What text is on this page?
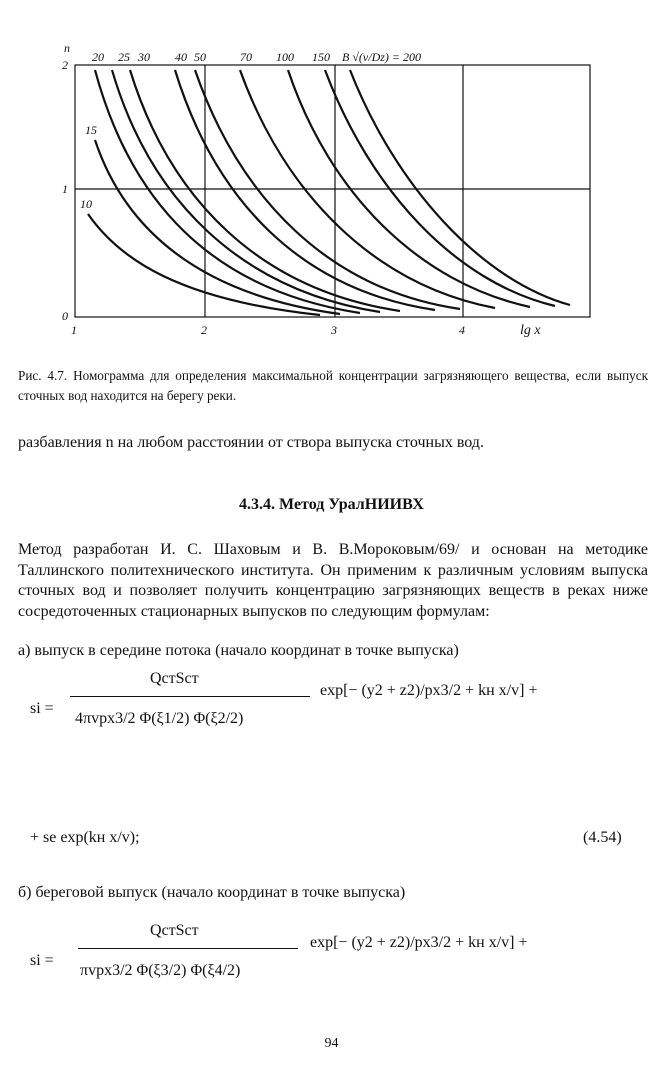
n
2
1
0
1	2	3	4	lg x
20 25 30 40 50	70 100 150
15
10
B √(v/Dz) = 200
Рис. 4.7. Номограмма для определения максимальной концентрации загрязняющего вещества, если выпуск сточных вод находится на берегу реки.
разбавления n на любом расстоянии от створа выпуска сточных вод.
4.3.4. Метод УралНИИВХ
Метод разработан И. С. Шаховым и В. В.Мороковым/69/ и основан на методике Таллинского политехнического института. Он применим к различным условиям выпуска сточных вод и позволяет получить концентрацию загрязняющих веществ в реках ниже сосредоточенных стационарных выпусков по следующим формулам:
а) выпуск в середине потока (начало координат в точке выпуска)
si =
QстSст
4πvpx3/2 Φ(ξ1/2) Φ(ξ2/2)
exp[− (y2 + z2)/px3/2 + kн x/v] +
+ se exp(kн x/v);	(4.54)
б) береговой выпуск (начало координат в точке выпуска)
si =
QстSст
πvpx3/2 Φ(ξ3/2) Φ(ξ4/2)
exp[− (y2 + z2)/px3/2 + kн x/v] +
94
